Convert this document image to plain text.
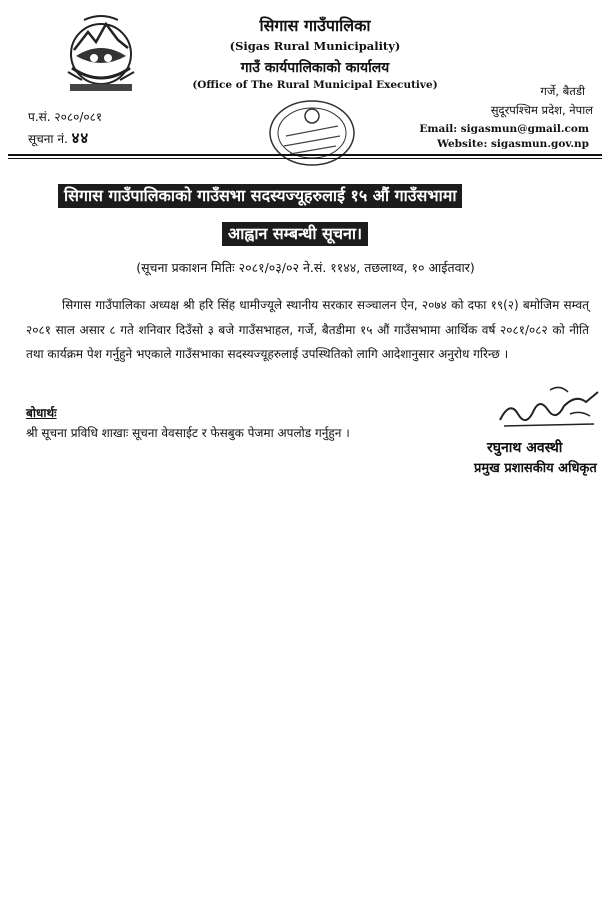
सिगास गाउँपालिका
(Sigas Rural Municipality)
गाउँ कार्यपालिकाको कार्यालय
(Office of The Rural Municipal Executive)	गर्जे, बैतडी
सुदूरपश्चिम प्रदेश, नेपाल
Email: sigasmun@gmail.com
Website: sigasmun.gov.np
प.सं. २०८०/०८१
सूचना नं. ४४
सिगास गाउँपालिकाको गाउँसभा सदस्यज्यूहरुलाई १५ औं गाउँसभामा
आह्वान सम्बन्धी सूचना।
(सूचना प्रकाशन मितिः २०८१/०३/०२ ने.सं. ११४४, तछलाथ्व, १० आईतवार)
सिगास गाउँपालिका अध्यक्ष श्री हरि सिंह धामीज्यूले स्थानीय सरकार सञ्चालन ऐन, २०७४ को दफा १९(२) बमोजिम सम्वत् २०८१ साल असार ८ गते शनिवार दिउँसो ३ बजे गाउँसभाहल, गर्जे, बैतडीमा १५ औं गाउँसभामा आर्थिक वर्ष २०८१/०८२ को नीति तथा कार्यक्रम पेश गर्नुहुने भएकाले गाउँसभाका सदस्यज्यूहरुलाई उपस्थितिको लागि आदेशानुसार अनुरोध गरिन्छ ।
रघुनाथ अवस्थी
प्रमुख प्रशासकीय अधिकृत
बोधार्थः
श्री सूचना प्रविधि शाखाः सूचना वेवसाईट र फेसबुक पेजमा अपलोड गर्नुहुन ।
